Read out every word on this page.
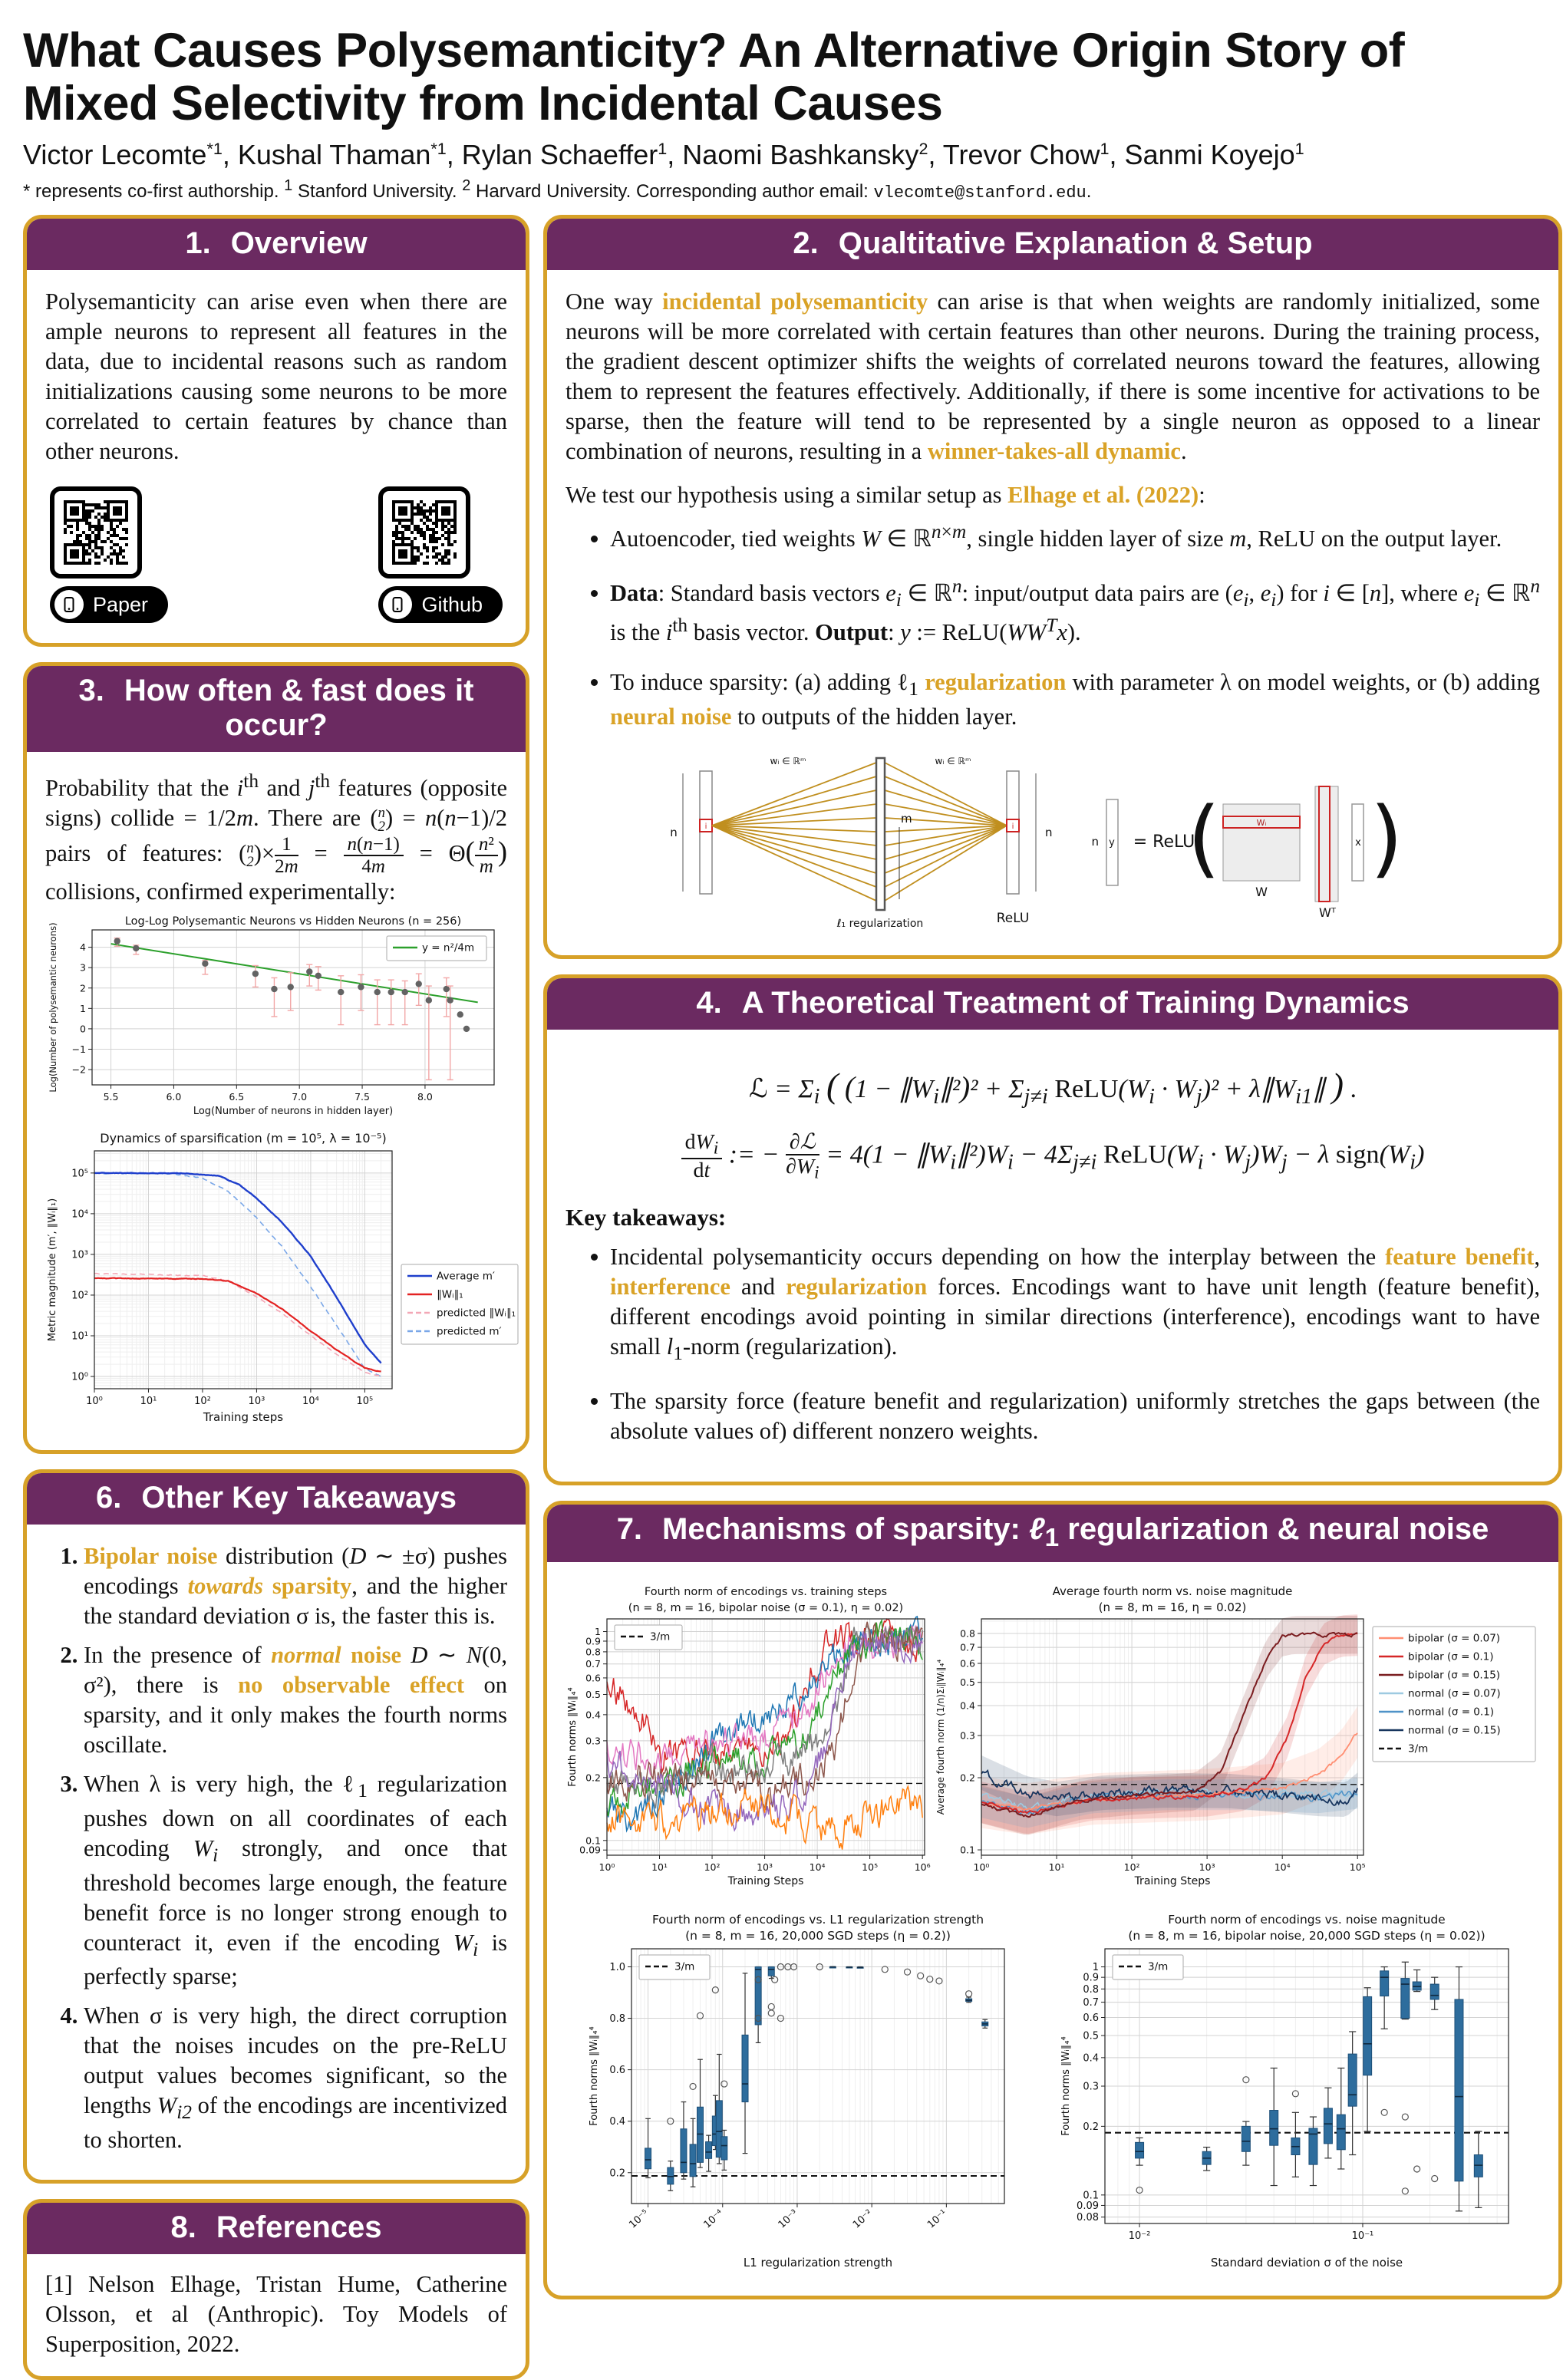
What Causes Polysemanticity? An Alternative Origin Story of Mixed Selectivity from Incidental Causes
Victor Lecomte$^{*1}$, Kushal Thaman$^{*1}$, Rylan Schaeffer$^1$, Naomi Bashkansky$^2$, Trevor Chow$^1$, Sanmi Koyejo$^1$
* represents co-first authorship. $^1$ Stanford University. $^2$ Harvard University. Corresponding author email: vlecomte@stanford.edu.
1. Overview

Polysemanticity can arise even when there are ample neurons to represent all features in the data, due to incidental reasons such as random initializations causing some neurons to be more correlated to certain features by chance than other neurons.

Paper	Github
3. How often & fast does it occur?

Probability that the $i^{th}$ and $j^{th}$ features (opposite signs) collide = 1/2m. There are ( n
2 ) = n(n−1)/2 pairs of features: ( n
2 )× $\frac{1}{2m} = \frac{n(n-1)}{4m} = \Theta( \frac{\text{n²}}{m}$ ) collisions, confirmed experimentally:

5.5	6.0	6.5	7.0	7.5	8.0
−2
−1
0
1
2
3
4
Log-Log Polysemantic Neurons vs Hidden Neurons (n = 256)
Log(Number of neurons in hidden layer)
Log(Number of polysemantic neurons)	y = n²/4m
10⁰	10¹	10²	10³	10⁴	10⁵
10⁰
10¹
10²
10³
10⁴
10⁵
Dynamics of sparsification (m = 10⁵, λ = 10⁻⁵)
Training steps
Metric magnitude (m′, ∥Wᵢ∥₁)	Average m′
∥Wᵢ∥₁
predicted ∥Wᵢ∥₁
predicted m′
6. Other Key Takeaways
1. Bipolar noise distribution (D ∼ ±σ) pushes encodings towards sparsity, and the higher the standard deviation σ is, the faster this is.
2. In the presence of normal noise D ∼ N(0, σ²), there is no observable effect on sparsity, and it only makes the fourth norms oscillate.
3. When λ is very high, the ℓ$_1$ regularization pushes down on all coordinates of each encoding $W_i$ strongly, and once that threshold becomes large enough, the feature benefit force is no longer strong enough to counteract it, even if the encoding $W_i$ is perfectly sparse;
4. When σ is very high, the direct corruption that the noises incudes on the pre-ReLU output values becomes significant, so the lengths $W_{i2}$ of the encodings are incentivized to shorten.
8. References

[1] Nelson Elhage, Tristan Hume, Catherine Olsson, et al (Anthropic). Toy Models of Superposition, 2022.

2. Qualtitative Explanation & Setup

One way incidental polysemanticity can arise is that when weights are randomly initialized, some neurons will be more correlated with certain features than other neurons. During the training process, the gradient descent optimizer shifts the weights of correlated neurons toward the features, allowing them to represent the features effectively. Additionally, if there is some incentive for activations to be sparse, then the feature will tend to be represented by a single neuron as opposed to a linear combination of neurons, resulting in a winner-takes-all dynamic.

We test our hypothesis using a similar setup as Elhage et al. (2022):

• Autoencoder, tied weights W ∈ ℝ$^{n\times m}$, single hidden layer of size m, ReLU on the output layer.
• Data: Standard basis vectors $e_i$ ∈ ℝ$^n$: input/output data pairs are ($e_i$, $e_i$) for i ∈ [n], where $e_i$ ∈ ℝ$^n$ is the $i^{th}$ basis vector. Output: y := $ReLU(WW^Tx)$.
• To induce sparsity: (a) adding ℓ$_1$ regularization with parameter λ on model weights, or (b) adding neural noise to outputs of the hidden layer.
i
n
m
i	n
ReLU
ℓ₁ regularization
wᵢ ∈ ℝᵐ	wᵢ ∈ ℝᵐ
n y = ReLU
(	Wᵢ
W
Wᵀ
x )
4. A Theoretical Treatment of Training Dynamics
ℒ = $\Sigma_i$ ( $(1 - \parallel W_i\parallel^2)^2 + \Sigma_{j\ne i}$ $ReLU(W_i \cdot W_j)^2$ + $\lambda\parallel W_{i1}\parallel$ ) .
$\frac{dW_i}{dt}$ := − $\frac{\text{∂ℒ}}{\partial W_i} = 4(1$ − $\parallel W_i\parallel^2)W_i - 4\Sigma_{j\ne i}$ $ReLU(W_i \cdot W_j)W_j - \lambda$ $sign(W_i)$
Key takeaways:
• Incidental polysemanticity occurs depending on how the interplay between the feature benefit, interference and regularization forces. Encodings want to have unit length (feature benefit), different encodings avoid pointing in similar directions (interference), encodings want to have small $l_1$-norm (regularization).
• The sparsity force (feature benefit and regularization) uniformly stretches the gaps between (the absolute values of) different nonzero weights.
7. Mechanisms of sparsity: ℓ$_1$ regularization & neural noise
10⁰	10¹	10²	10³	10⁴	10⁵	10⁶
1
0.9
0.8
0.7
0.6
0.5
0.4
0.3
0.2
0.1
0.09
Fourth norm of encodings vs. training steps
(n = 8, m = 16, bipolar noise (σ = 0.1), η = 0.02)
Training Steps
Fourth norms ∥Wᵢ∥₄⁴
3/m
10⁰	10¹	10²	10³	10⁴	10⁵
0.8
0.7
0.6
0.5
0.4
0.3
0.2
0.1
Average fourth norm vs. noise magnitude
(n = 8, m = 16, η = 0.02)
Training Steps
Average fourth norm (1/n)Σᵢ∥Wᵢ∥₄⁴
bipolar (σ = 0.07)
bipolar (σ = 0.1)
bipolar (σ = 0.15)
normal (σ = 0.07)
normal (σ = 0.1)
normal (σ = 0.15)
3/m
10⁻⁵	10⁻⁴	10⁻³	10⁻²	10⁻¹
0.2
0.4
0.6
0.8
1.0
Fourth norm of encodings vs. L1 regularization strength
(n = 8, m = 16, 20,000 SGD steps (η = 0.2))
L1 regularization strength
Fourth norms ∥Wᵢ∥₄⁴
3/m
10⁻²	10⁻¹
1
0.9
0.8
0.7
0.6
0.5
0.4
0.3
0.2
0.1
0.09
0.08
Fourth norm of encodings vs. noise magnitude
(n = 8, m = 16, bipolar noise, 20,000 SGD steps (η = 0.02))
Standard deviation σ of the noise
Fourth norms ∥Wᵢ∥₄⁴
3/m
